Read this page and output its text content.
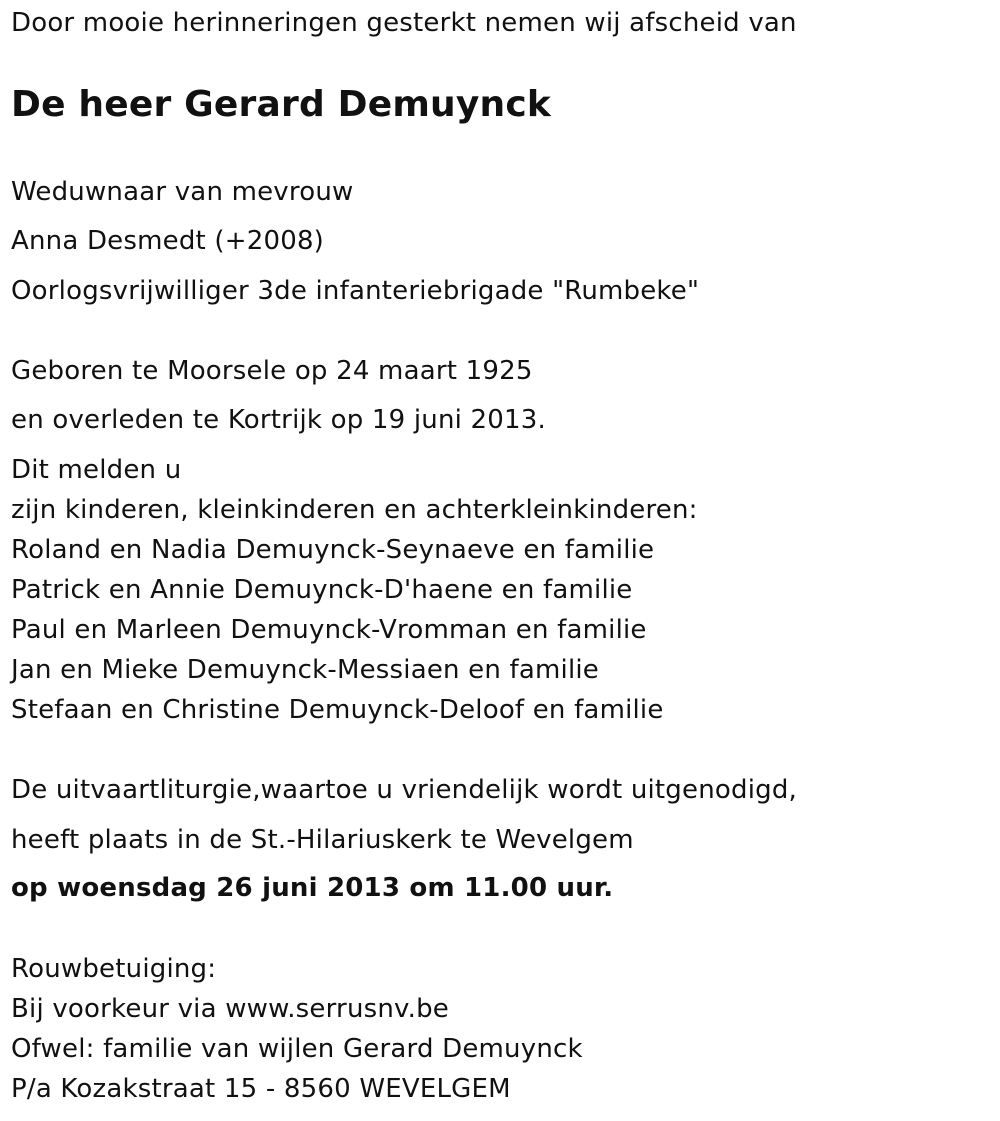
Door mooie herinneringen gesterkt nemen wij afscheid van
De heer Gerard Demuynck
Weduwnaar van mevrouw
Anna Desmedt (+2008)
Oorlogsvrijwilliger 3de infanteriebrigade "Rumbeke"
Geboren te Moorsele op 24 maart 1925
en overleden te Kortrijk op 19 juni 2013.
Dit melden u
zijn kinderen, kleinkinderen en achterkleinkinderen:
Roland en Nadia Demuynck-Seynaeve en familie
Patrick en Annie Demuynck-D'haene en familie
Paul en Marleen Demuynck-Vromman en familie
Jan en Mieke Demuynck-Messiaen en familie
Stefaan en Christine Demuynck-Deloof en familie
De uitvaartliturgie,waartoe u vriendelijk wordt uitgenodigd,
heeft plaats in de St.-Hilariuskerk te Wevelgem
op woensdag 26 juni 2013 om 11.00 uur.
Rouwbetuiging:
Bij voorkeur via www.serrusnv.be
Ofwel: familie van wijlen Gerard Demuynck
P/a Kozakstraat 15 - 8560 WEVELGEM
